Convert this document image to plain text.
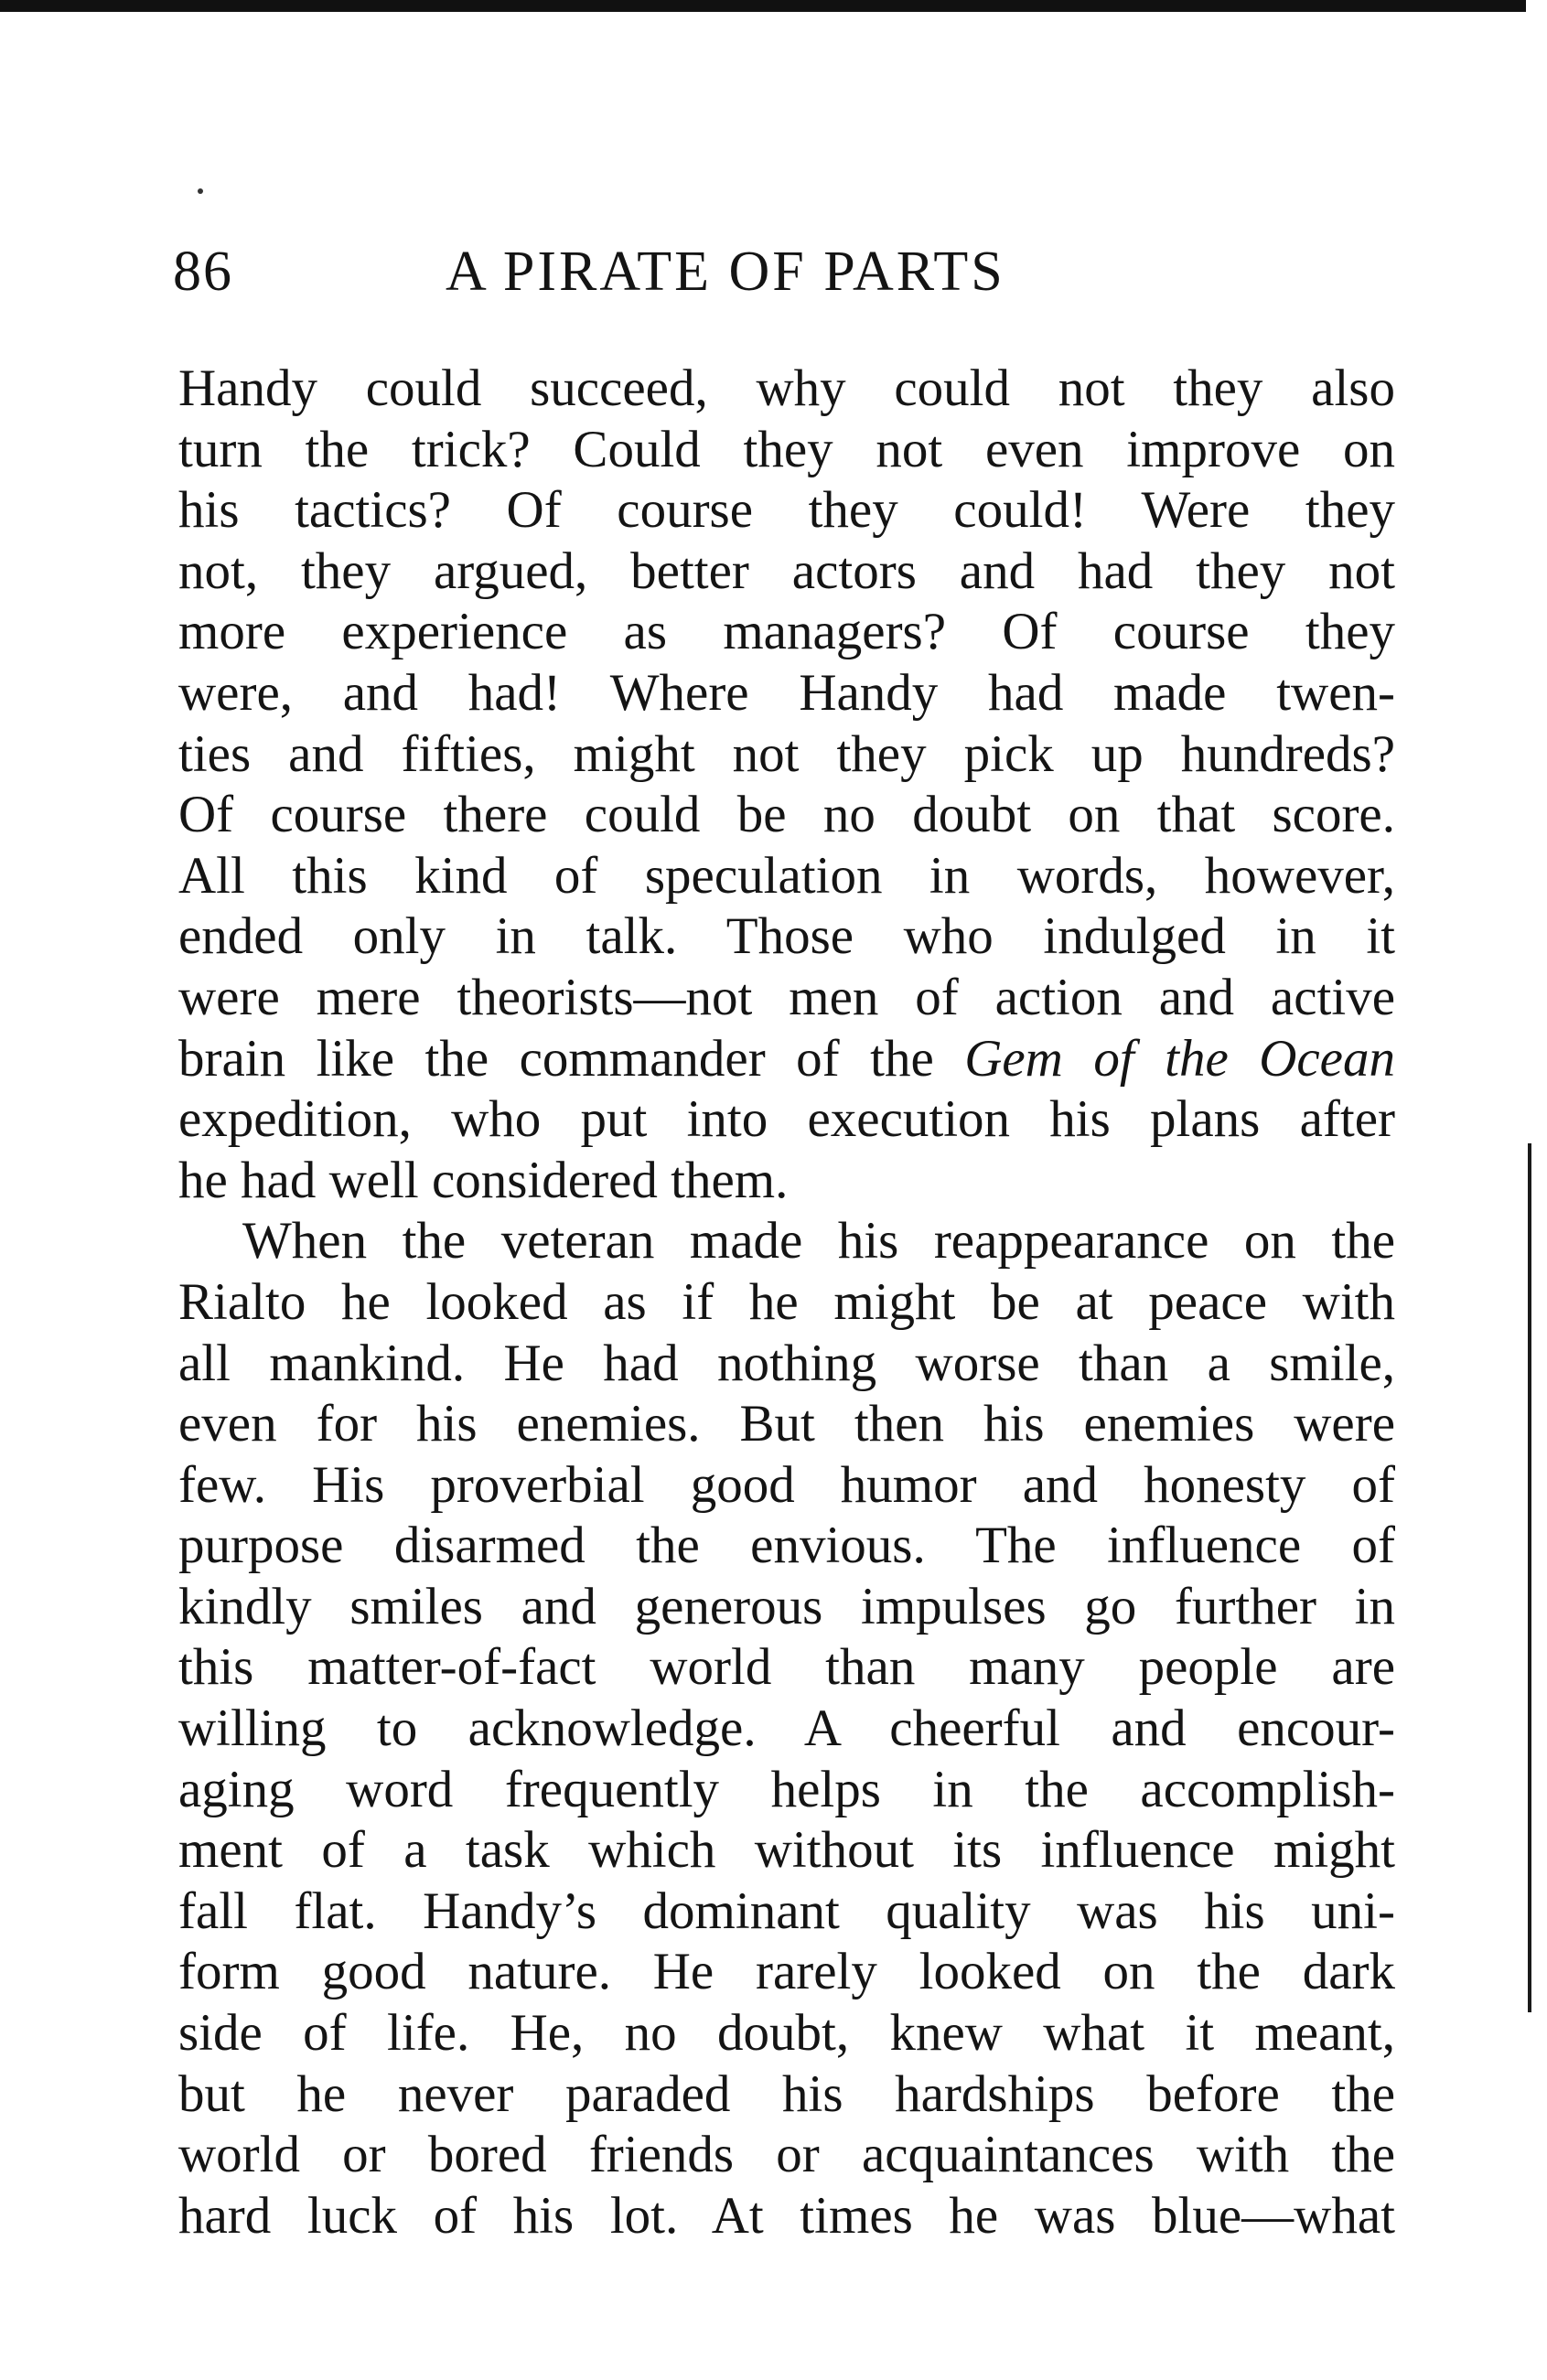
86	A PIRATE OF PARTS
Handy could succeed, why could not they also
turn the trick? Could they not even improve on
his tactics? Of course they could! Were they
not, they argued, better actors and had they not
more experience as managers? Of course they
were, and had! Where Handy had made twen-
ties and fifties, might not they pick up hundreds?
Of course there could be no doubt on that score.
All this kind of speculation in words, however,
ended only in talk. Those who indulged in it
were mere theorists—not men of action and active
brain like the commander of the Gem of the Ocean
expedition, who put into execution his plans after
he had well considered them.
When the veteran made his reappearance on the
Rialto he looked as if he might be at peace with
all mankind. He had nothing worse than a smile,
even for his enemies. But then his enemies were
few. His proverbial good humor and honesty of
purpose disarmed the envious. The influence of
kindly smiles and generous impulses go further in
this matter-of-fact world than many people are
willing to acknowledge. A cheerful and encour-
aging word frequently helps in the accomplish-
ment of a task which without its influence might
fall flat. Handy’s dominant quality was his uni-
form good nature. He rarely looked on the dark
side of life. He, no doubt, knew what it meant,
but he never paraded his hardships before the
world or bored friends or acquaintances with the
hard luck of his lot. At times he was blue—what
